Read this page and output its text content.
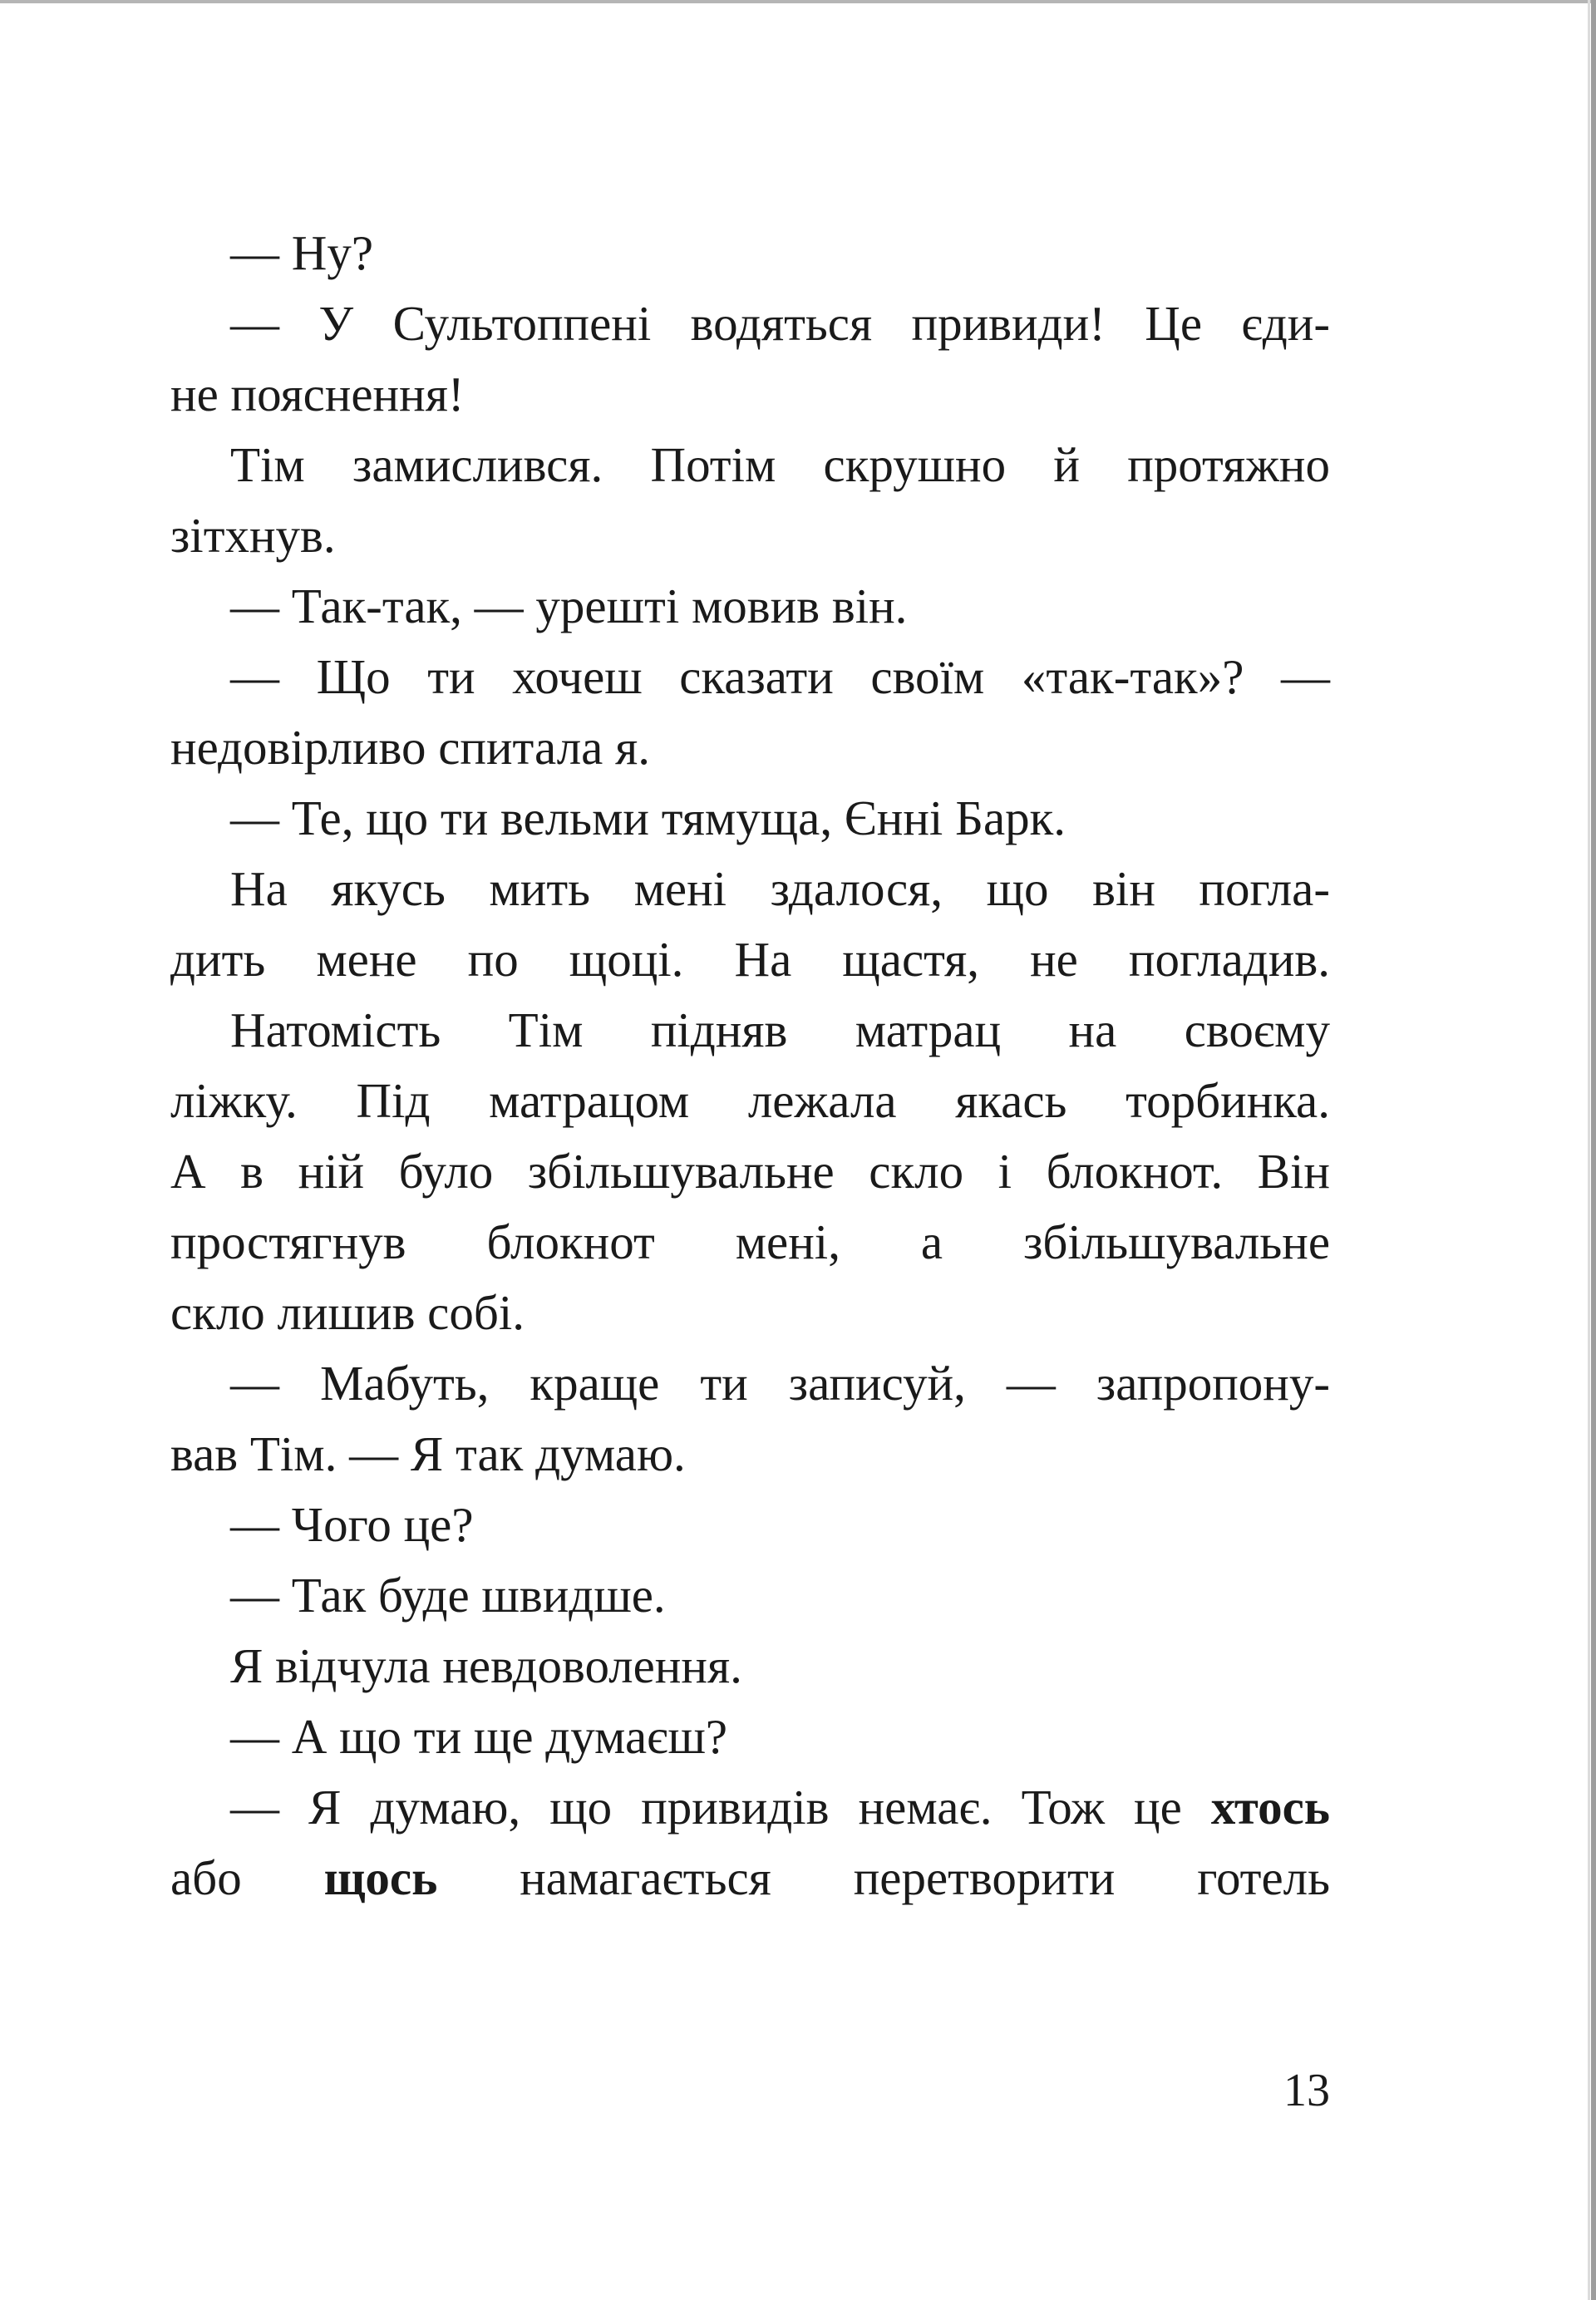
— Ну?
— У Сультоппені водяться привиди! Це єди-
не пояснення!
Тім замислився. Потім скрушно й протяжно
зітхнув.
— Так-так, — урешті мовив він.
— Що ти хочеш сказати своїм «так-так»? —
недовірливо спитала я.
— Те, що ти вельми тямуща, Єнні Барк.
На якусь мить мені здалося, що він погла-
дить мене по щоці. На щастя, не погладив.
Натомість Тім підняв матрац на своєму
ліжку. Під матрацом лежала якась торбинка.
А в ній було збільшувальне скло і блокнот. Він
простягнув блокнот мені, а збільшувальне
скло лишив собі.
— Мабуть, краще ти записуй, — запропону-
вав Тім. — Я так думаю.
— Чого це?
— Так буде швидше.
Я відчула невдоволення.
— А що ти ще думаєш?
— Я думаю, що привидів немає. Тож це хтось
або щось намагається перетворити готель
13
